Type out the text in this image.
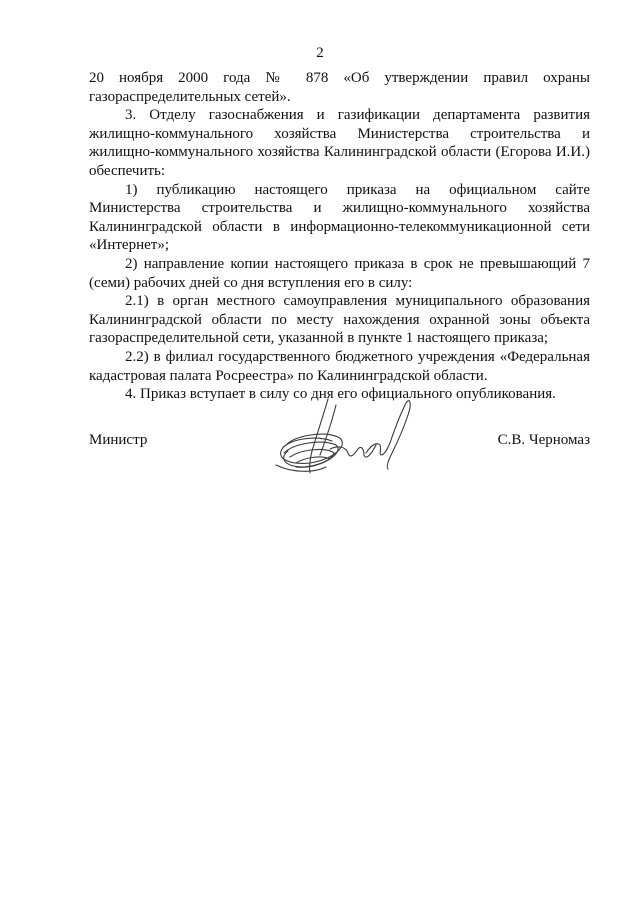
2

20 ноября 2000 года № 878 «Об утверждении правил охраны

газораспределительных сетей».

3. Отделу газоснабжения и газификации департамента развития жилищно-коммунального хозяйства Министерства строительства и жилищно-коммунального хозяйства Калининградской области (Егорова И.И.) обеспечить:

1) публикацию настоящего приказа на официальном сайте Министерства строительства и жилищно-коммунального хозяйства Калининградской области в информационно-телекоммуникационной сети «Интернет»;

2) направление копии настоящего приказа в срок не превышающий 7 (семи) рабочих дней со дня вступления его в силу:

2.1) в орган местного самоуправления муниципального образования Калининградской области по месту нахождения охранной зоны объекта газораспределительной сети, указанной в пункте 1 настоящего приказа;

2.2) в филиал государственного бюджетного учреждения «Федеральная кадастровая палата Росреестра» по Калининградской области.

4. Приказ вступает в силу со дня его официального опубликования.

Министр	С.В. Черномаз
